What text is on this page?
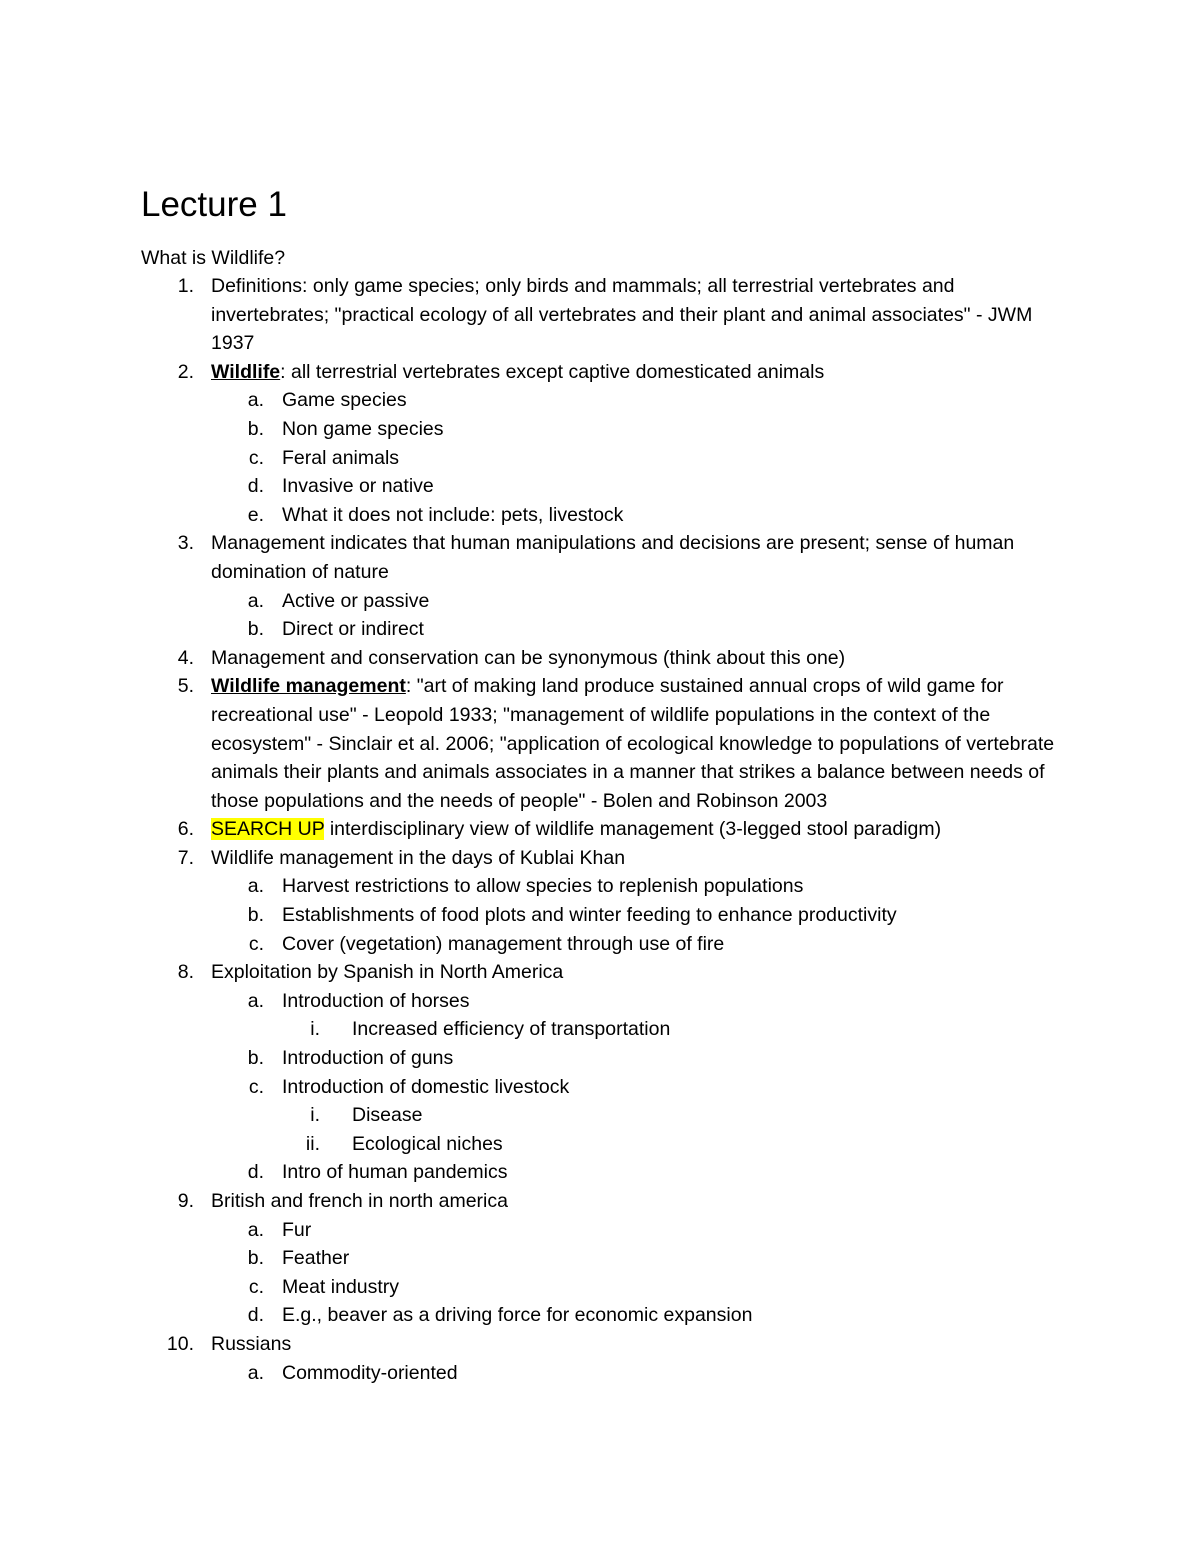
Lecture 1
What is Wildlife?
1. Definitions: only game species; only birds and mammals; all terrestrial vertebrates and invertebrates; "practical ecology of all vertebrates and their plant and animal associates" - JWM 1937
2. Wildlife: all terrestrial vertebrates except captive domesticated animals
a. Game species
b. Non game species
c. Feral animals
d. Invasive or native
e. What it does not include: pets, livestock
3. Management indicates that human manipulations and decisions are present; sense of human domination of nature
a. Active or passive
b. Direct or indirect
4. Management and conservation can be synonymous (think about this one)
5. Wildlife management: "art of making land produce sustained annual crops of wild game for recreational use" - Leopold 1933; "management of wildlife populations in the context of the ecosystem" - Sinclair et al. 2006; "application of ecological knowledge to populations of vertebrate animals their plants and animals associates in a manner that strikes a balance between needs of those populations and the needs of people" - Bolen and Robinson 2003
6. SEARCH UP interdisciplinary view of wildlife management (3-legged stool paradigm)
7. Wildlife management in the days of Kublai Khan
a. Harvest restrictions to allow species to replenish populations
b. Establishments of food plots and winter feeding to enhance productivity
c. Cover (vegetation) management through use of fire
8. Exploitation by Spanish in North America
a. Introduction of horses
i. Increased efficiency of transportation
b. Introduction of guns
c. Introduction of domestic livestock
i. Disease
ii. Ecological niches
d. Intro of human pandemics
9. British and french in north america
a. Fur
b. Feather
c. Meat industry
d. E.g., beaver as a driving force for economic expansion
10. Russians
a. Commodity-oriented
